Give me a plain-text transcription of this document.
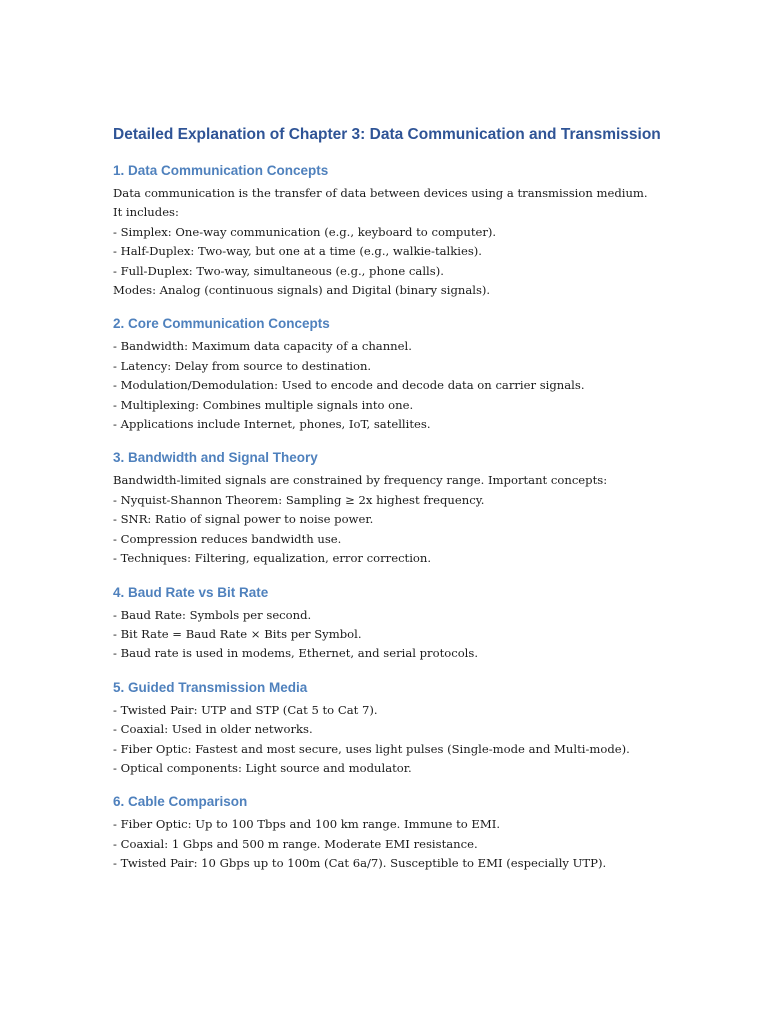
Detailed Explanation of Chapter 3: Data Communication and Transmission
1. Data Communication Concepts
Data communication is the transfer of data between devices using a transmission medium.
It includes:
- Simplex: One-way communication (e.g., keyboard to computer).
- Half-Duplex: Two-way, but one at a time (e.g., walkie-talkies).
- Full-Duplex: Two-way, simultaneous (e.g., phone calls).
Modes: Analog (continuous signals) and Digital (binary signals).
2. Core Communication Concepts
- Bandwidth: Maximum data capacity of a channel.
- Latency: Delay from source to destination.
- Modulation/Demodulation: Used to encode and decode data on carrier signals.
- Multiplexing: Combines multiple signals into one.
- Applications include Internet, phones, IoT, satellites.
3. Bandwidth and Signal Theory
Bandwidth-limited signals are constrained by frequency range. Important concepts:
- Nyquist-Shannon Theorem: Sampling ≥ 2x highest frequency.
- SNR: Ratio of signal power to noise power.
- Compression reduces bandwidth use.
- Techniques: Filtering, equalization, error correction.
4. Baud Rate vs Bit Rate
- Baud Rate: Symbols per second.
- Bit Rate = Baud Rate × Bits per Symbol.
- Baud rate is used in modems, Ethernet, and serial protocols.
5. Guided Transmission Media
- Twisted Pair: UTP and STP (Cat 5 to Cat 7).
- Coaxial: Used in older networks.
- Fiber Optic: Fastest and most secure, uses light pulses (Single-mode and Multi-mode).
- Optical components: Light source and modulator.
6. Cable Comparison
- Fiber Optic: Up to 100 Tbps and 100 km range. Immune to EMI.
- Coaxial: 1 Gbps and 500 m range. Moderate EMI resistance.
- Twisted Pair: 10 Gbps up to 100m (Cat 6a/7). Susceptible to EMI (especially UTP).
